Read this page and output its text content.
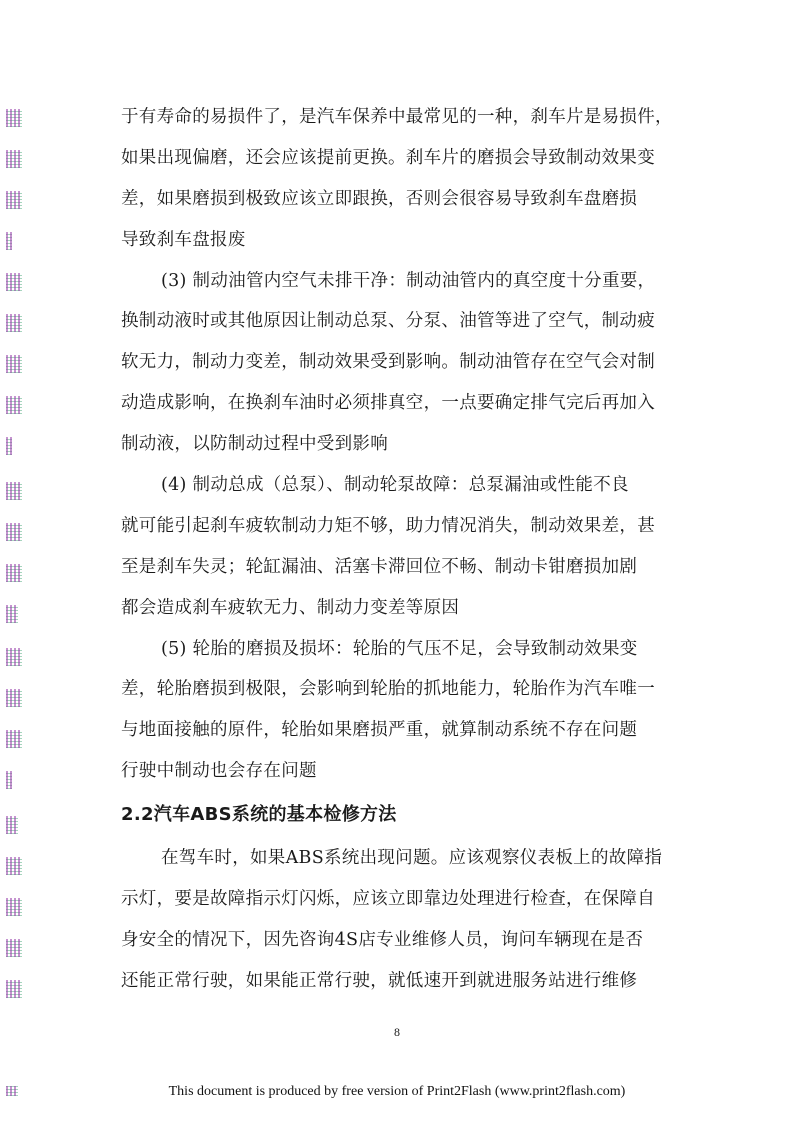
于有寿命的易损件了，是汽车保养中最常见的一种，刹车片是易损件，
如果出现偏磨，还会应该提前更换。刹车片的磨损会导致制动效果变
差，如果磨损到极致应该立即跟换，否则会很容易导致刹车盘磨损
导致刹车盘报废
(3) 制动油管内空气未排干净：制动油管内的真空度十分重要，
换制动液时或其他原因让制动总泵、分泵、油管等进了空气，制动疲
软无力，制动力变差，制动效果受到影响。制动油管存在空气会对制
动造成影响，在换刹车油时必须排真空，一点要确定排气完后再加入
制动液，以防制动过程中受到影响
(4) 制动总成（总泵）、制动轮泵故障：总泵漏油或性能不良
就可能引起刹车疲软制动力矩不够，助力情况消失，制动效果差，甚
至是刹车失灵；轮缸漏油、活塞卡滞回位不畅、制动卡钳磨损加剧
都会造成刹车疲软无力、制动力变差等原因
(5) 轮胎的磨损及损坏：轮胎的气压不足，会导致制动效果变
差，轮胎磨损到极限，会影响到轮胎的抓地能力，轮胎作为汽车唯一
与地面接触的原件，轮胎如果磨损严重，就算制动系统不存在问题
行驶中制动也会存在问题
2.2汽车ABS系统的基本检修方法
在驾车时，如果ABS系统出现问题。应该观察仪表板上的故障指
示灯，要是故障指示灯闪烁，应该立即靠边处理进行检查，在保障自
身安全的情况下，因先咨询4S店专业维修人员，询问车辆现在是否
还能正常行驶，如果能正常行驶，就低速开到就进服务站进行维修
8
This document is produced by free version of Print2Flash (www.print2flash.com)
